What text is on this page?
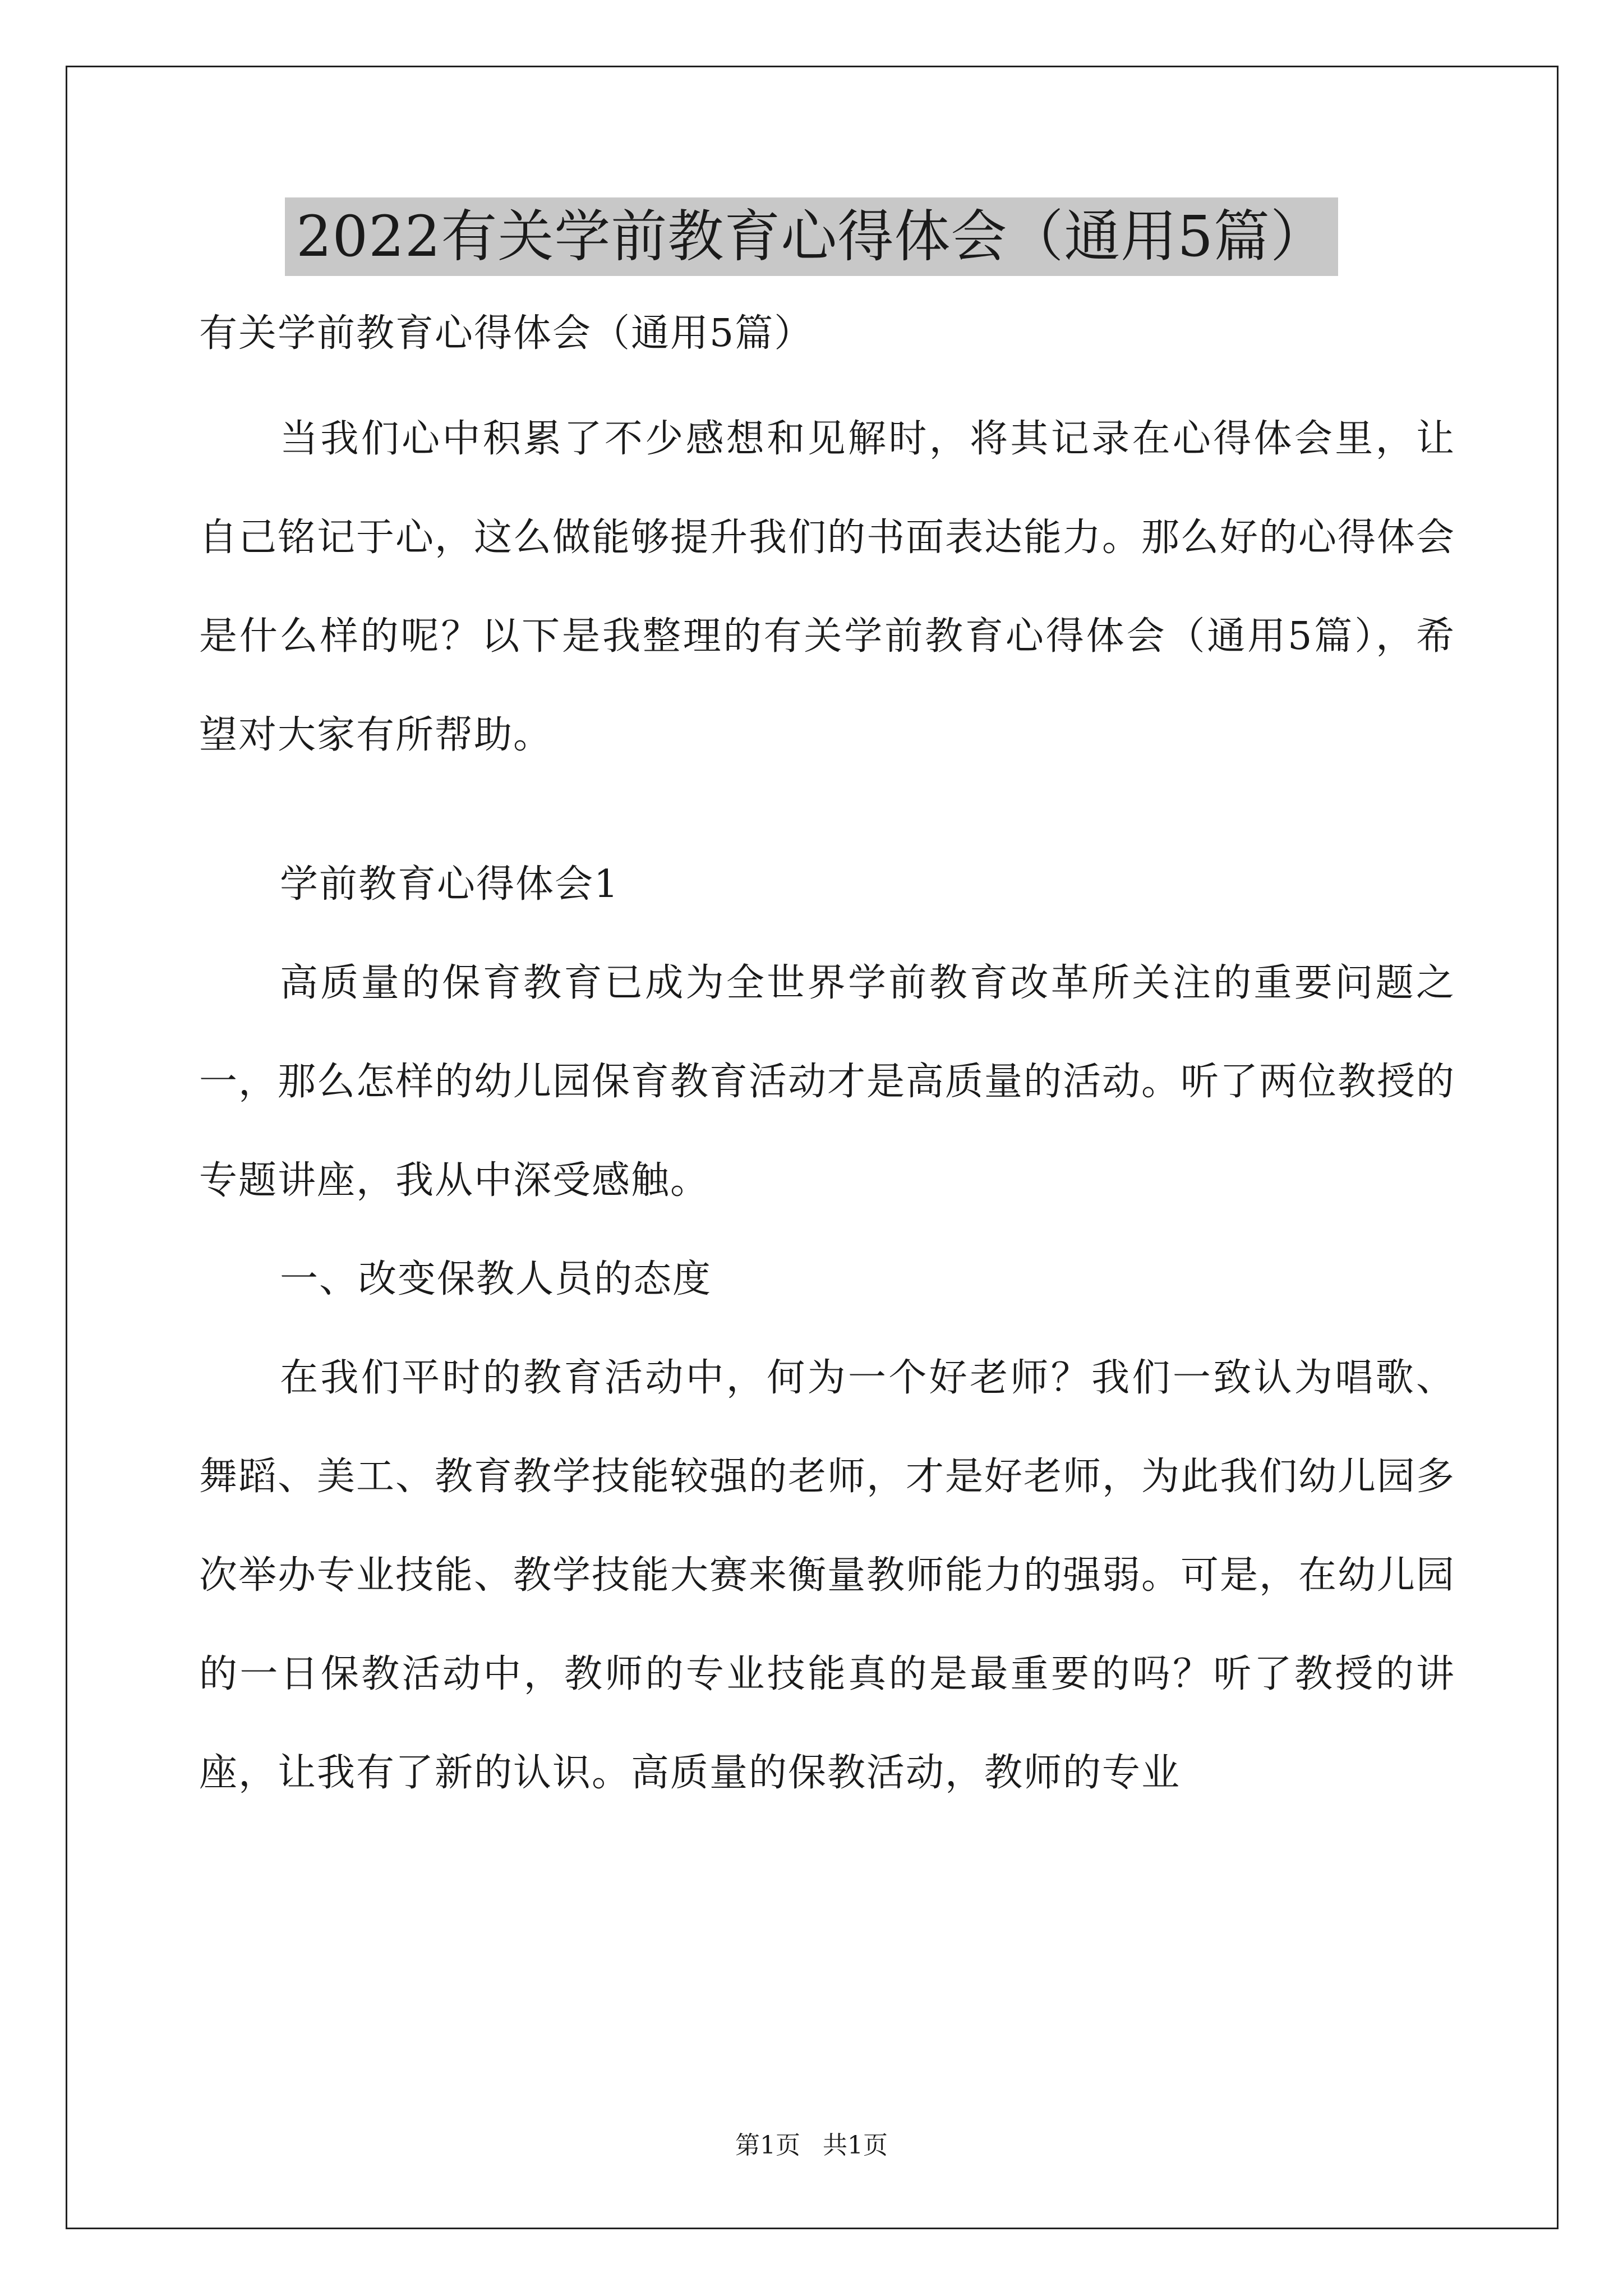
2022有关学前教育心得体会（通用5篇）

有关学前教育心得体会（通用5篇）

当我们心中积累了不少感想和见解时，将其记录在心得体会里，让自己铭记于心，这么做能够提升我们的书面表达能力。那么好的心得体会是什么样的呢？以下是我整理的有关学前教育心得体会（通用5篇），希望对大家有所帮助。

学前教育心得体会1

高质量的保育教育已成为全世界学前教育改革所关注的重要问题之一，那么怎样的幼儿园保育教育活动才是高质量的活动。听了两位教授的专题讲座，我从中深受感触。

一、改变保教人员的态度

在我们平时的教育活动中，何为一个好老师？我们一致认为唱歌、舞蹈、美工、教育教学技能较强的老师，才是好老师，为此我们幼儿园多次举办专业技能、教学技能大赛来衡量教师能力的强弱。可是，在幼儿园的一日保教活动中，教师的专业技能真的是最重要的吗？听了教授的讲座，让我有了新的认识。高质量的保教活动，教师的专业

第1页 共1页
